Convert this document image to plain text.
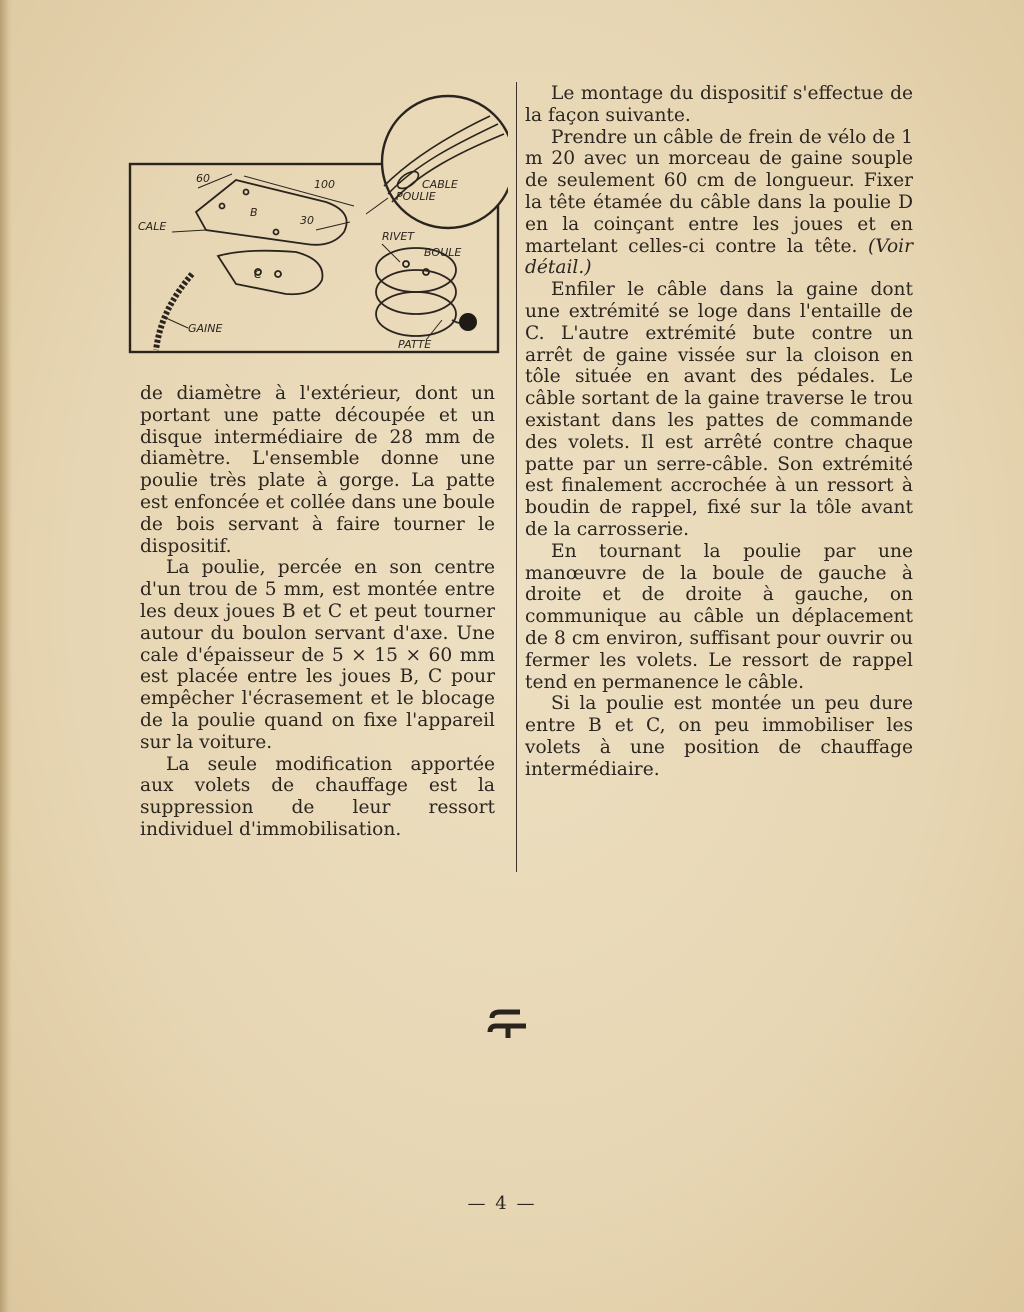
60	100
30
CALE
B
C
CABLE
POULIE
RIVET
BOULE
GAINE
PATTE

de diamètre à l'extérieur, dont un portant une patte découpée et un disque intermédiaire de 28 mm de diamètre. L'ensemble donne une poulie très plate à gorge. La patte est enfoncée et collée dans une boule de bois servant à faire tourner le dispositif.

La poulie, percée en son centre d'un trou de 5 mm, est montée entre les deux joues B et C et peut tourner autour du boulon servant d'axe. Une cale d'épaisseur de 5 × 15 × 60 mm est placée entre les joues B, C pour empêcher l'écrasement et le blocage de la poulie quand on fixe l'appareil sur la voiture.

La seule modification apportée aux volets de chauffage est la suppression de leur ressort individuel d'immobilisation.

Le montage du dispositif s'effectue de la façon suivante.

Prendre un câble de frein de vélo de 1 m 20 avec un morceau de gaine souple de seulement 60 cm de longueur. Fixer la tête étamée du câble dans la poulie D en la coinçant entre les joues et en martelant celles-ci contre la tête. (Voir détail.)

Enfiler le câble dans la gaine dont une extrémité se loge dans l'entaille de C. L'autre extrémité bute contre un arrêt de gaine vissée sur la cloison en tôle située en avant des pédales. Le câble sortant de la gaine traverse le trou existant dans les pattes de commande des volets. Il est arrêté contre chaque patte par un serre-câble. Son extrémité est finalement accrochée à un ressort à boudin de rappel, fixé sur la tôle avant de la carrosserie.

En tournant la poulie par une manœuvre de la boule de gauche à droite et de droite à gauche, on communique au câble un déplacement de 8 cm environ, suffisant pour ouvrir ou fermer les volets. Le ressort de rappel tend en permanence le câble.

Si la poulie est montée un peu dure entre B et C, on peu immobiliser les volets à une position de chauffage intermédiaire.

— 4 —
